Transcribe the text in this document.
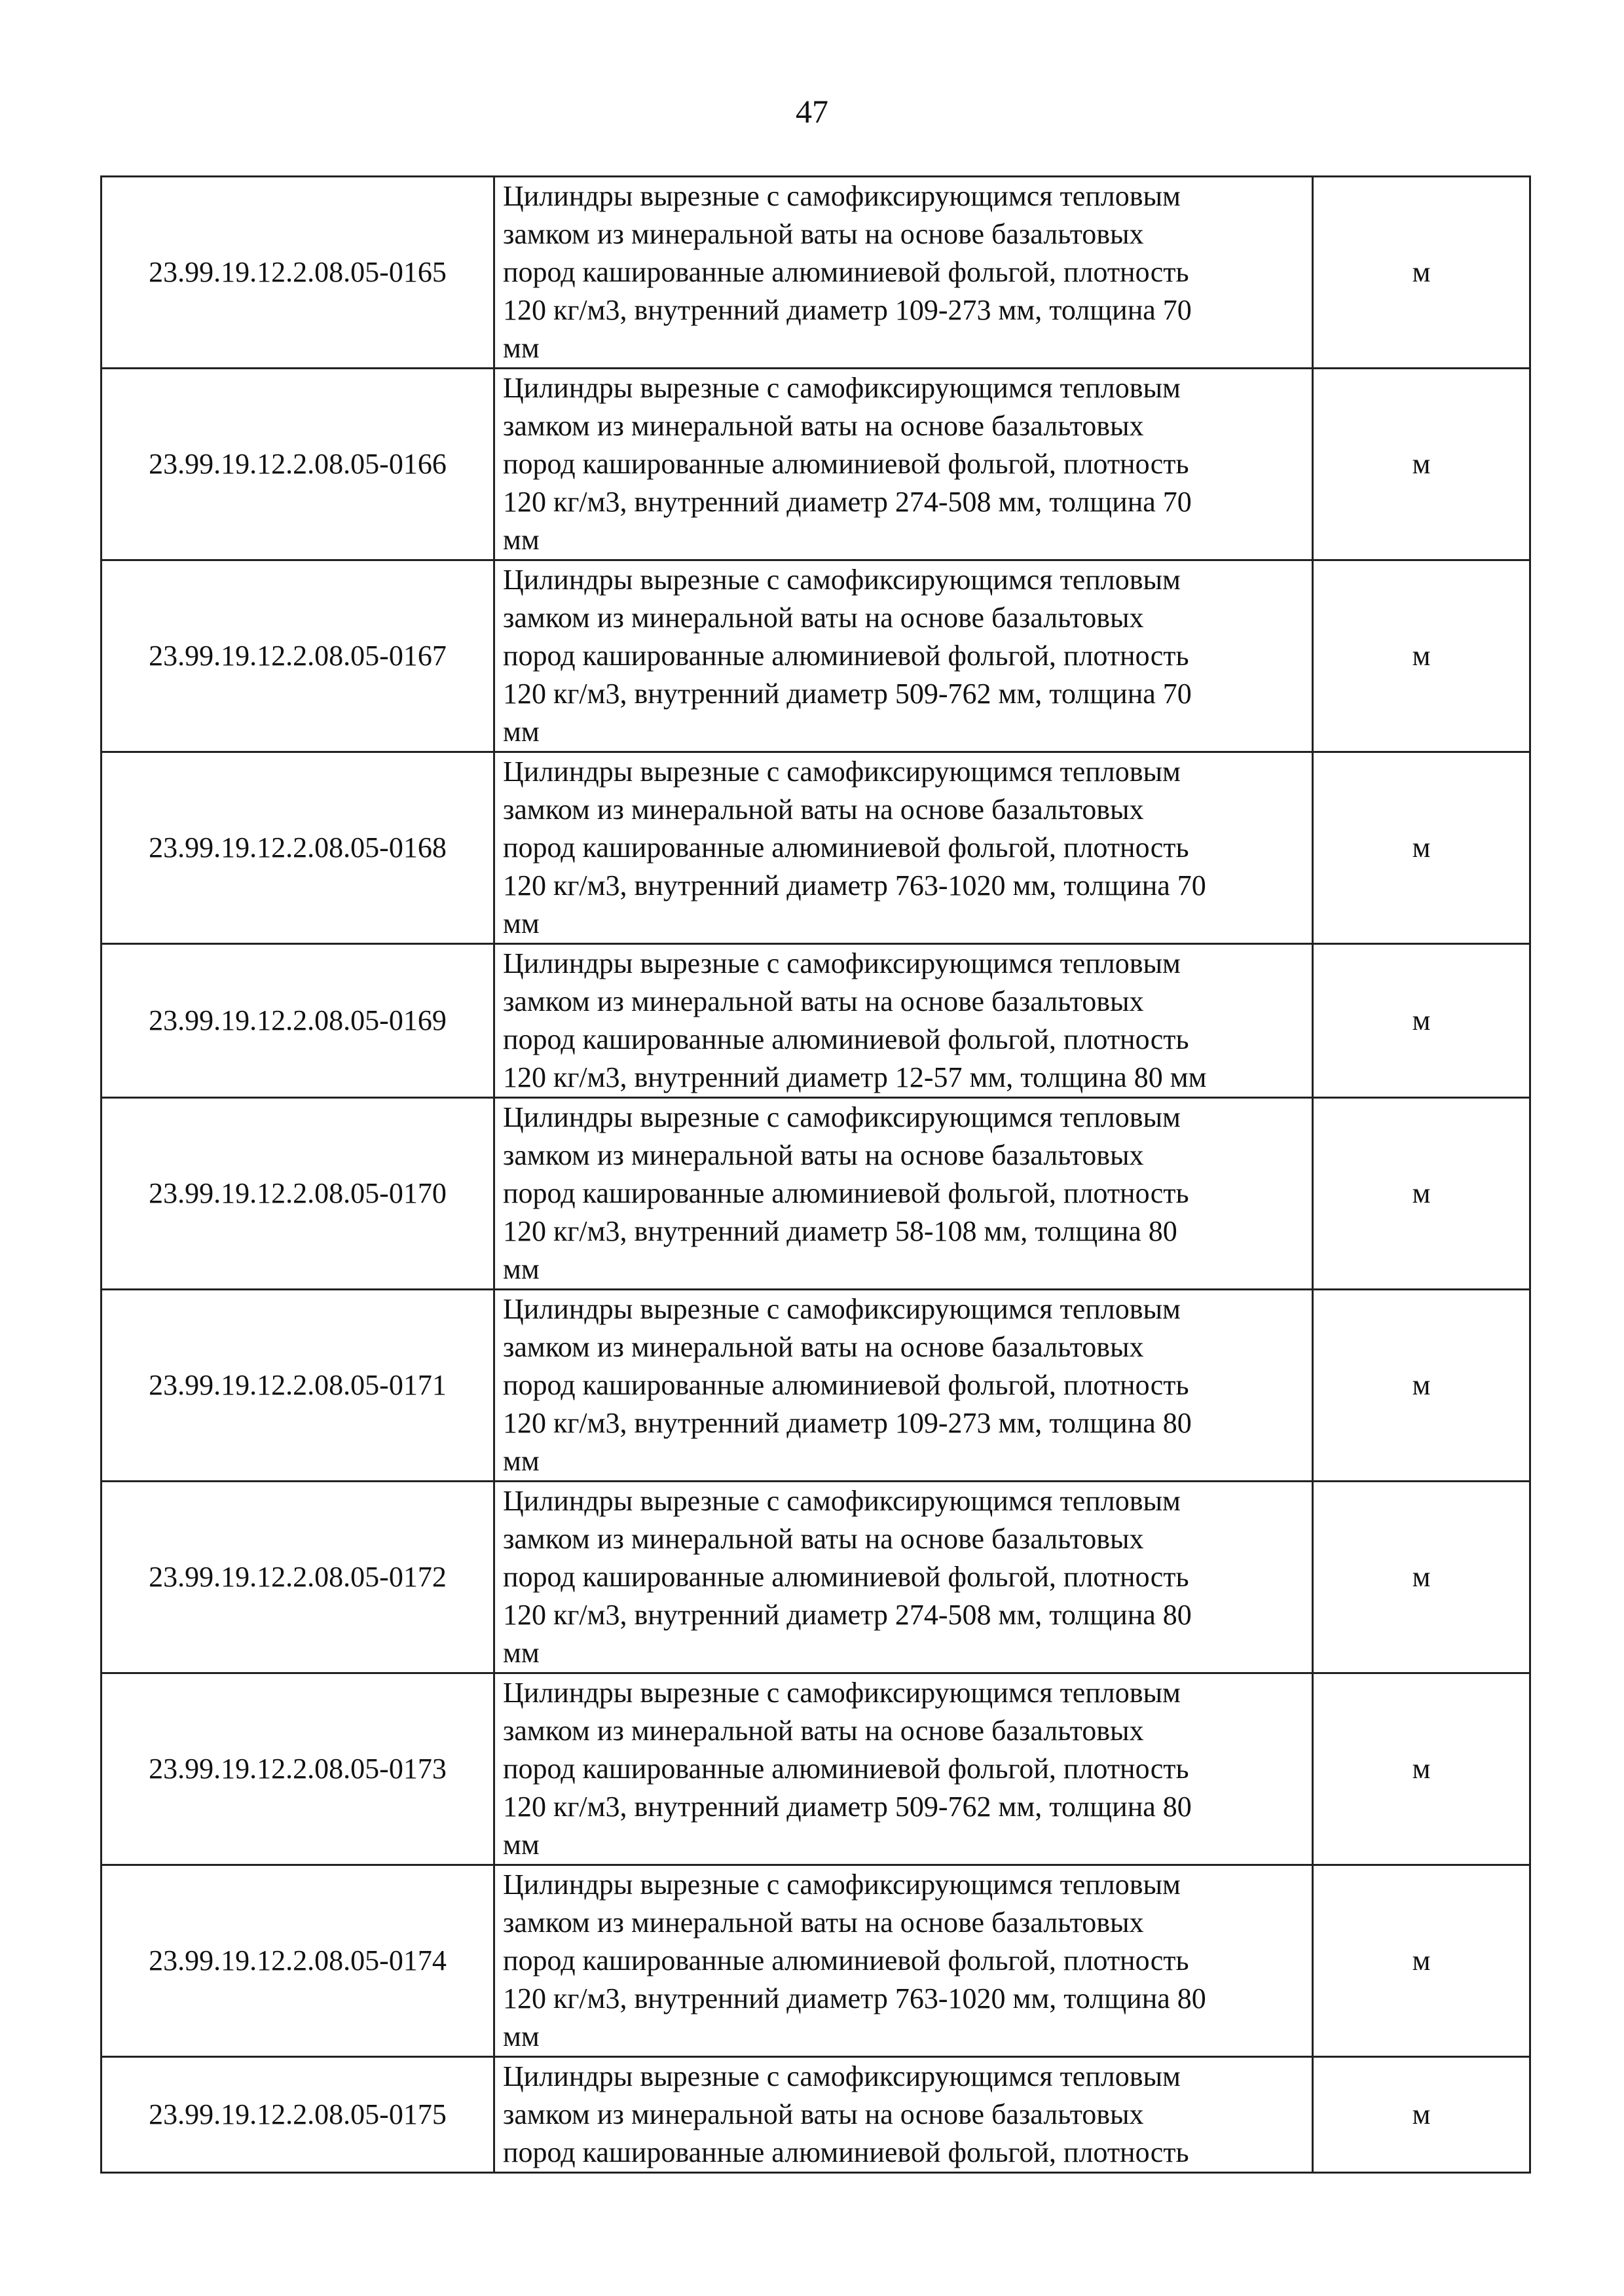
47
23.99.19.12.2.08.05-0165	Цилиндры вырезные с самофиксирующимся тепловым
замком из минеральной ваты на основе базальтовых
пород кашированные алюминиевой фольгой, плотность
120 кг/м3, внутренний диаметр 109-273 мм, толщина 70
мм	м
23.99.19.12.2.08.05-0166	Цилиндры вырезные с самофиксирующимся тепловым
замком из минеральной ваты на основе базальтовых
пород кашированные алюминиевой фольгой, плотность
120 кг/м3, внутренний диаметр 274-508 мм, толщина 70
мм	м
23.99.19.12.2.08.05-0167	Цилиндры вырезные с самофиксирующимся тепловым
замком из минеральной ваты на основе базальтовых
пород кашированные алюминиевой фольгой, плотность
120 кг/м3, внутренний диаметр 509-762 мм, толщина 70
мм	м
23.99.19.12.2.08.05-0168	Цилиндры вырезные с самофиксирующимся тепловым
замком из минеральной ваты на основе базальтовых
пород кашированные алюминиевой фольгой, плотность
120 кг/м3, внутренний диаметр 763-1020 мм, толщина 70
мм	м
23.99.19.12.2.08.05-0169	Цилиндры вырезные с самофиксирующимся тепловым
замком из минеральной ваты на основе базальтовых
пород кашированные алюминиевой фольгой, плотность
120 кг/м3, внутренний диаметр 12-57 мм, толщина 80 мм	м
23.99.19.12.2.08.05-0170	Цилиндры вырезные с самофиксирующимся тепловым
замком из минеральной ваты на основе базальтовых
пород кашированные алюминиевой фольгой, плотность
120 кг/м3, внутренний диаметр 58-108 мм, толщина 80
мм	м
23.99.19.12.2.08.05-0171	Цилиндры вырезные с самофиксирующимся тепловым
замком из минеральной ваты на основе базальтовых
пород кашированные алюминиевой фольгой, плотность
120 кг/м3, внутренний диаметр 109-273 мм, толщина 80
мм	м
23.99.19.12.2.08.05-0172	Цилиндры вырезные с самофиксирующимся тепловым
замком из минеральной ваты на основе базальтовых
пород кашированные алюминиевой фольгой, плотность
120 кг/м3, внутренний диаметр 274-508 мм, толщина 80
мм	м
23.99.19.12.2.08.05-0173	Цилиндры вырезные с самофиксирующимся тепловым
замком из минеральной ваты на основе базальтовых
пород кашированные алюминиевой фольгой, плотность
120 кг/м3, внутренний диаметр 509-762 мм, толщина 80
мм	м
23.99.19.12.2.08.05-0174	Цилиндры вырезные с самофиксирующимся тепловым
замком из минеральной ваты на основе базальтовых
пород кашированные алюминиевой фольгой, плотность
120 кг/м3, внутренний диаметр 763-1020 мм, толщина 80
мм	м
23.99.19.12.2.08.05-0175	Цилиндры вырезные с самофиксирующимся тепловым
замком из минеральной ваты на основе базальтовых
пород кашированные алюминиевой фольгой, плотность	м
